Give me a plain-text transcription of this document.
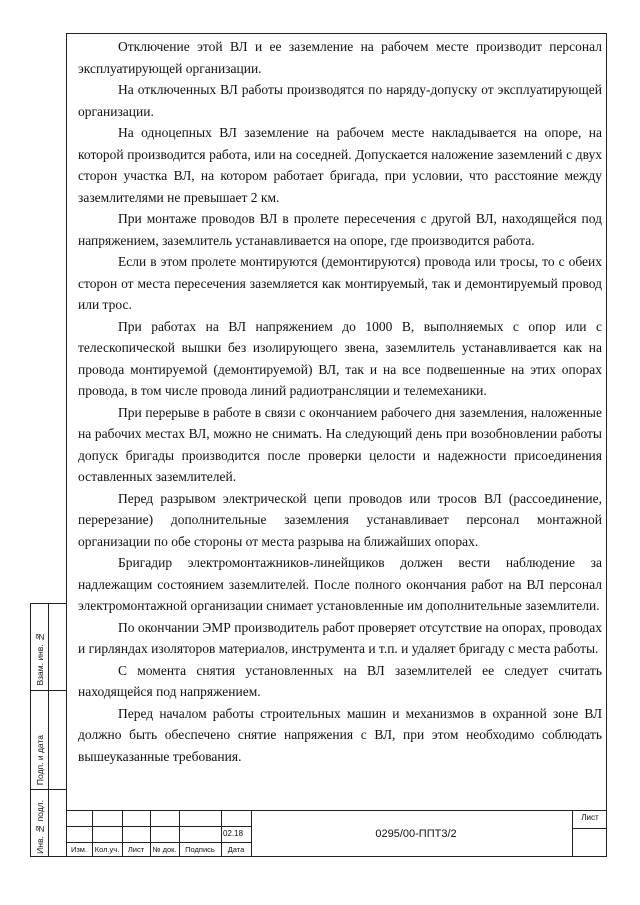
Отключение этой ВЛ и ее заземление на рабочем месте производит персонал эксплуатирующей организации.

На отключенных ВЛ работы производятся по наряду-допуску от эксплуатирующей организации.

На одноцепных ВЛ заземление на рабочем месте накладывается на опоре, на которой производится работа, или на соседней. Допускается наложение заземлений с двух сторон участка ВЛ, на котором работает бригада, при условии, что расстояние между заземлителями не превышает 2 км.

При монтаже проводов ВЛ в пролете пересечения с другой ВЛ, находящейся под напряжением, заземлитель устанавливается на опоре, где производится работа.

Если в этом пролете монтируются (демонтируются) провода или тросы, то с обеих сторон от места пересечения заземляется как монтируемый, так и демонтируемый провод или трос.

При работах на ВЛ напряжением до 1000 В, выполняемых с опор или с телескопической вышки без изолирующего звена, заземлитель устанавливается как на провода монтируемой (демонтируемой) ВЛ, так и на все подвешенные на этих опорах провода, в том числе провода линий радиотрансляции и телемеханики.

При перерыве в работе в связи с окончанием рабочего дня заземления, наложенные на рабочих местах ВЛ, можно не снимать. На следующий день при возобновлении работы допуск бригады производится после проверки целости и надежности присоединения оставленных заземлителей.

Перед разрывом электрической цепи проводов или тросов ВЛ (рассоединение, перерезание) дополнительные заземления устанавливает персонал монтажной организации по обе стороны от места разрыва на ближайших опорах.

Бригадир электромонтажников-линейщиков должен вести наблюдение за надлежащим состоянием заземлителей. После полного окончания работ на ВЛ персонал электромонтажной организации снимает установленные им дополнительные заземлители.

По окончании ЭМР производитель работ проверяет отсутствие на опорах, проводах и гирляндах изоляторов материалов, инструмента и т.п. и удаляет бригаду с места работы.

С момента снятия установленных на ВЛ заземлителей ее следует считать находящейся под напряжением.

Перед началом работы строительных машин и механизмов в охранной зоне ВЛ должно быть обеспечено снятие напряжения с ВЛ, при этом необходимо соблюдать вышеуказанные требования.

Взам. инв. №
Подп. и дата
Инв. № подл.	02.18
Изм.	Кол.уч.	Лист	№ док.	Подпись	Дата
0295/00-ППТ3/2
Лист
